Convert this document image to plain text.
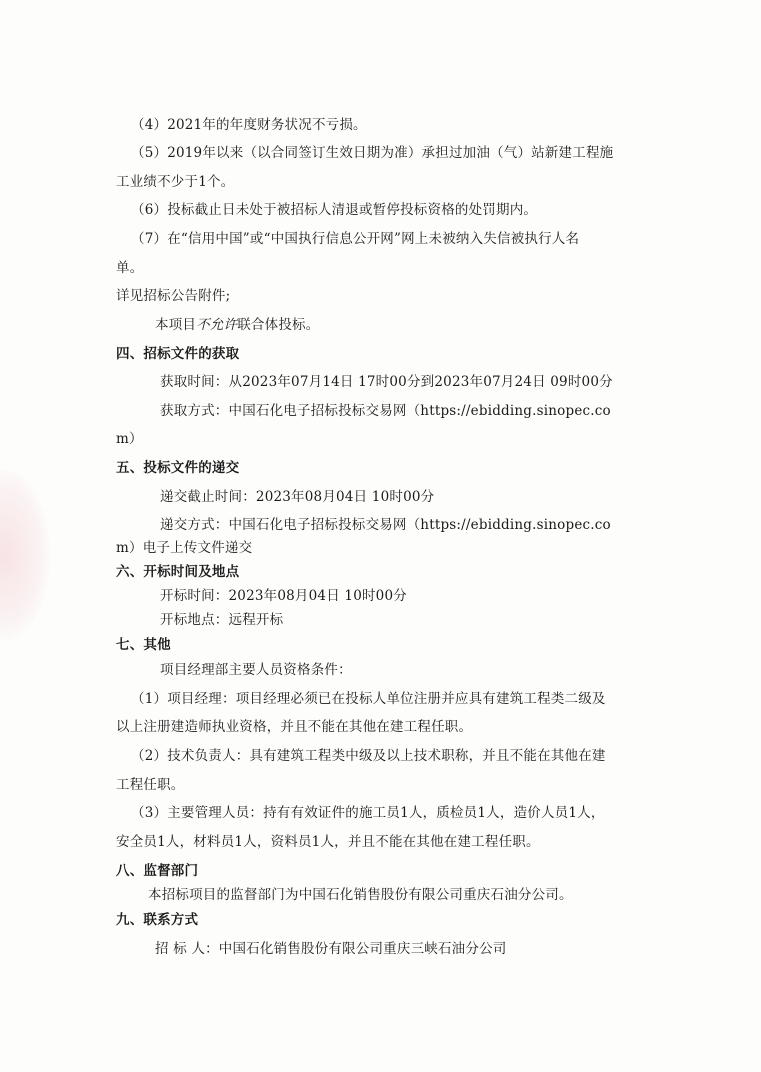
（4）2021年的年度财务状况不亏损。
（5）2019年以来（以合同签订生效日期为准）承担过加油（气）站新建工程施
工业绩不少于1个。
（6）投标截止日未处于被招标人清退或暂停投标资格的处罚期内。
（7）在“信用中国”或“中国执行信息公开网”网上未被纳入失信被执行人名
单。
详见招标公告附件;
本项目不允许联合体投标。
四、招标文件的获取
获取时间：从2023年07月14日 17时00分到2023年07月24日 09时00分
获取方式：中国石化电子招标投标交易网（https://ebidding.sinopec.co
m）
五、投标文件的递交
递交截止时间：2023年08月04日 10时00分
递交方式：中国石化电子招标投标交易网（https://ebidding.sinopec.co
m）电子上传文件递交
六、开标时间及地点
开标时间：2023年08月04日 10时00分
开标地点：远程开标
七、其他
项目经理部主要人员资格条件：
（1）项目经理：项目经理必须已在投标人单位注册并应具有建筑工程类二级及
以上注册建造师执业资格，并且不能在其他在建工程任职。
（2）技术负责人：具有建筑工程类中级及以上技术职称，并且不能在其他在建
工程任职。
（3）主要管理人员：持有有效证件的施工员1人，质检员1人，造价人员1人，
安全员1人，材料员1人，资料员1人，并且不能在其他在建工程任职。
八、监督部门
本招标项目的监督部门为中国石化销售股份有限公司重庆石油分公司。
九、联系方式
招 标 人：中国石化销售股份有限公司重庆三峡石油分公司
